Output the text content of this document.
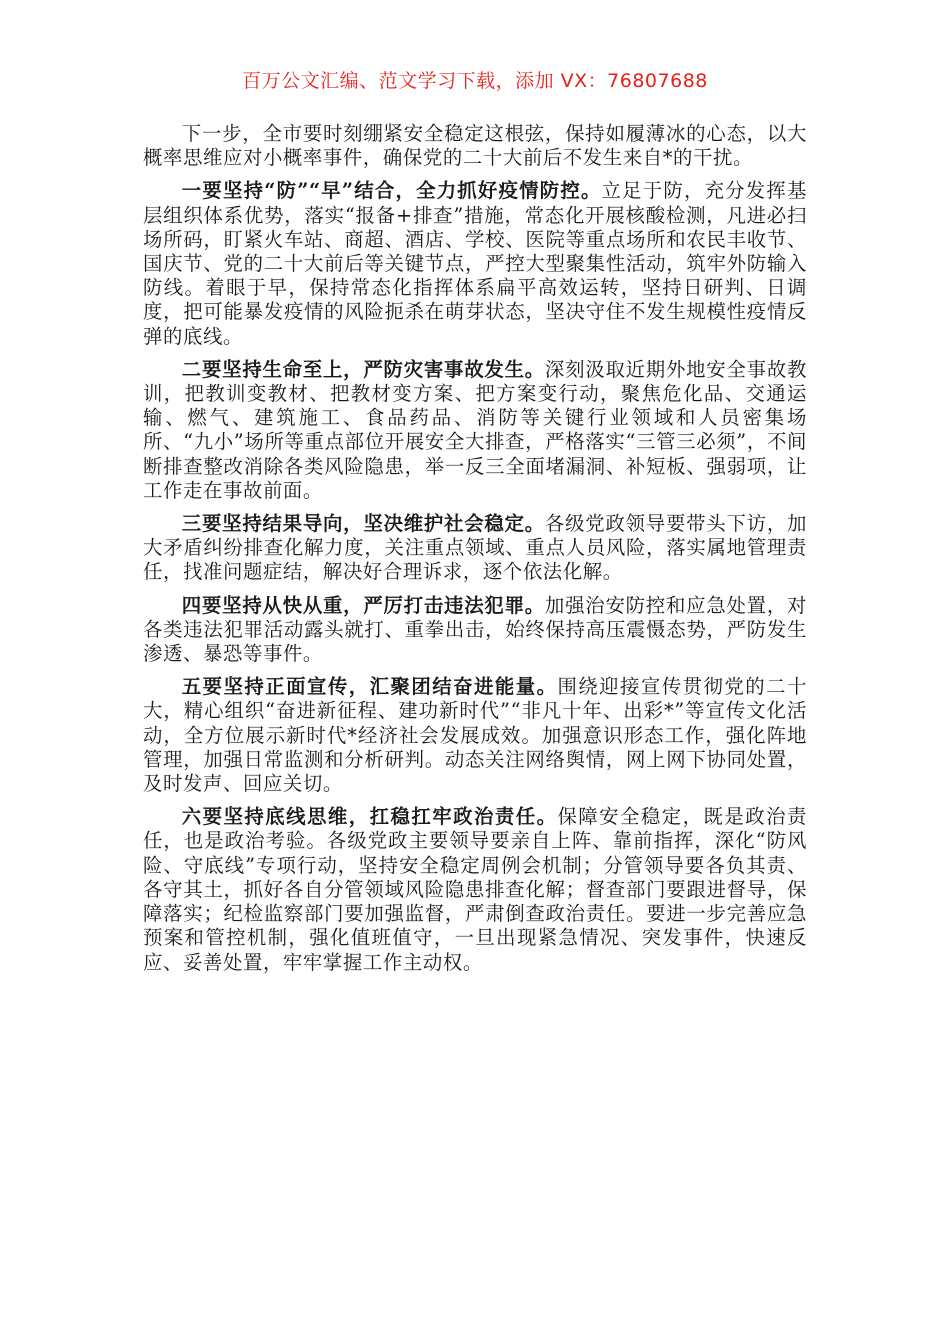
百万公文汇编、范文学习下载，添加 VX：76807688

下一步，全市要时刻绷紧安全稳定这根弦，保持如履薄冰的心态，以大概率思维应对小概率事件，确保党的二十大前后不发生来自*的干扰。

一要坚持“防”“早”结合，全力抓好疫情防控。立足于防，充分发挥基层组织体系优势，落实“报备+排查”措施，常态化开展核酸检测，凡进必扫场所码，盯紧火车站、商超、酒店、学校、医院等重点场所和农民丰收节、国庆节、党的二十大前后等关键节点，严控大型聚集性活动，筑牢外防输入防线。着眼于早，保持常态化指挥体系扁平高效运转，坚持日研判、日调度，把可能暴发疫情的风险扼杀在萌芽状态，坚决守住不发生规模性疫情反弹的底线。

二要坚持生命至上，严防灾害事故发生。深刻汲取近期外地安全事故教训，把教训变教材、把教材变方案、把方案变行动，聚焦危化品、交通运输、燃气、建筑施工、食品药品、消防等关键行业领域和人员密集场所、“九小”场所等重点部位开展安全大排查，严格落实“三管三必须”，不间断排查整改消除各类风险隐患，举一反三全面堵漏洞、补短板、强弱项，让工作走在事故前面。

三要坚持结果导向，坚决维护社会稳定。各级党政领导要带头下访，加大矛盾纠纷排查化解力度，关注重点领域、重点人员风险，落实属地管理责任，找准问题症结，解决好合理诉求，逐个依法化解。

四要坚持从快从重，严厉打击违法犯罪。加强治安防控和应急处置，对各类违法犯罪活动露头就打、重拳出击，始终保持高压震慑态势，严防发生渗透、暴恐等事件。

五要坚持正面宣传，汇聚团结奋进能量。围绕迎接宣传贯彻党的二十大，精心组织“奋进新征程、建功新时代”“非凡十年、出彩*”等宣传文化活动，全方位展示新时代*经济社会发展成效。加强意识形态工作，强化阵地管理，加强日常监测和分析研判。动态关注网络舆情，网上网下协同处置，及时发声、回应关切。

六要坚持底线思维，扛稳扛牢政治责任。保障安全稳定，既是政治责任，也是政治考验。各级党政主要领导要亲自上阵、靠前指挥，深化“防风险、守底线”专项行动，坚持安全稳定周例会机制；分管领导要各负其责、各守其土，抓好各自分管领域风险隐患排查化解；督查部门要跟进督导，保障落实；纪检监察部门要加强监督，严肃倒查政治责任。要进一步完善应急预案和管控机制，强化值班值守，一旦出现紧急情况、突发事件，快速反应、妥善处置，牢牢掌握工作主动权。
